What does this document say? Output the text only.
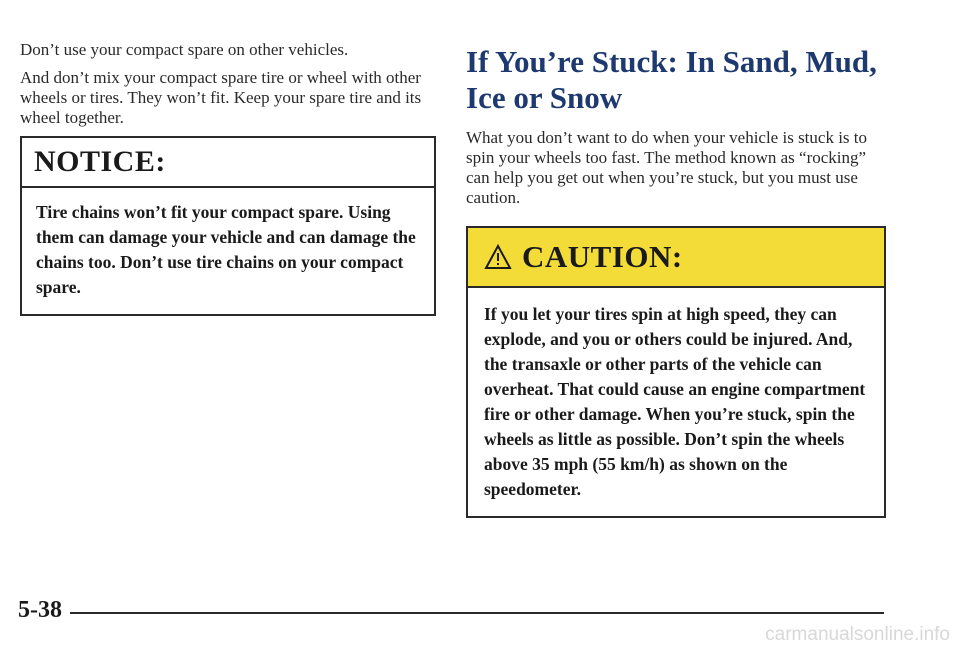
Don’t use your compact spare on other vehicles.

And don’t mix your compact spare tire or wheel with other wheels or tires. They won’t fit. Keep your spare tire and its wheel together.

NOTICE:
Tire chains won’t fit your compact spare. Using them can damage your vehicle and can damage the chains too. Don’t use tire chains on your compact spare.
If You’re Stuck: In Sand, Mud, Ice or Snow

What you don’t want to do when your vehicle is stuck is to spin your wheels too fast. The method known as “rocking” can help you get out when you’re stuck, but you must use caution.

CAUTION:
If you let your tires spin at high speed, they can explode, and you or others could be injured. And, the transaxle or other parts of the vehicle can overheat. That could cause an engine compartment fire or other damage. When you’re stuck, spin the wheels as little as possible. Don’t spin the wheels above 35 mph (55 km/h) as shown on the speedometer.
5-38
carmanualsonline.info
